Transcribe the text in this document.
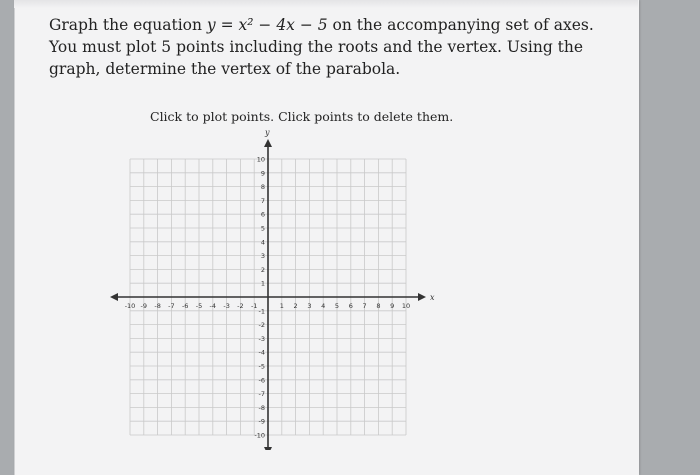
Graph the equation y = x² − 4x − 5 on the accompanying set of axes. You must plot 5 points including the roots and the vertex. Using the graph, determine the vertex of the parabola.

Click to plot points. Click points to delete them.

x
y
-10 -9 -8 -7 -6 -5 -4 -3 -2 -1	1 2 3 4 5 6 7 8 9 10
10
9
8
7
6
5
4
3
2
1
-1
-2
-3
-4
-5
-6
-7
-8
-9
-10
